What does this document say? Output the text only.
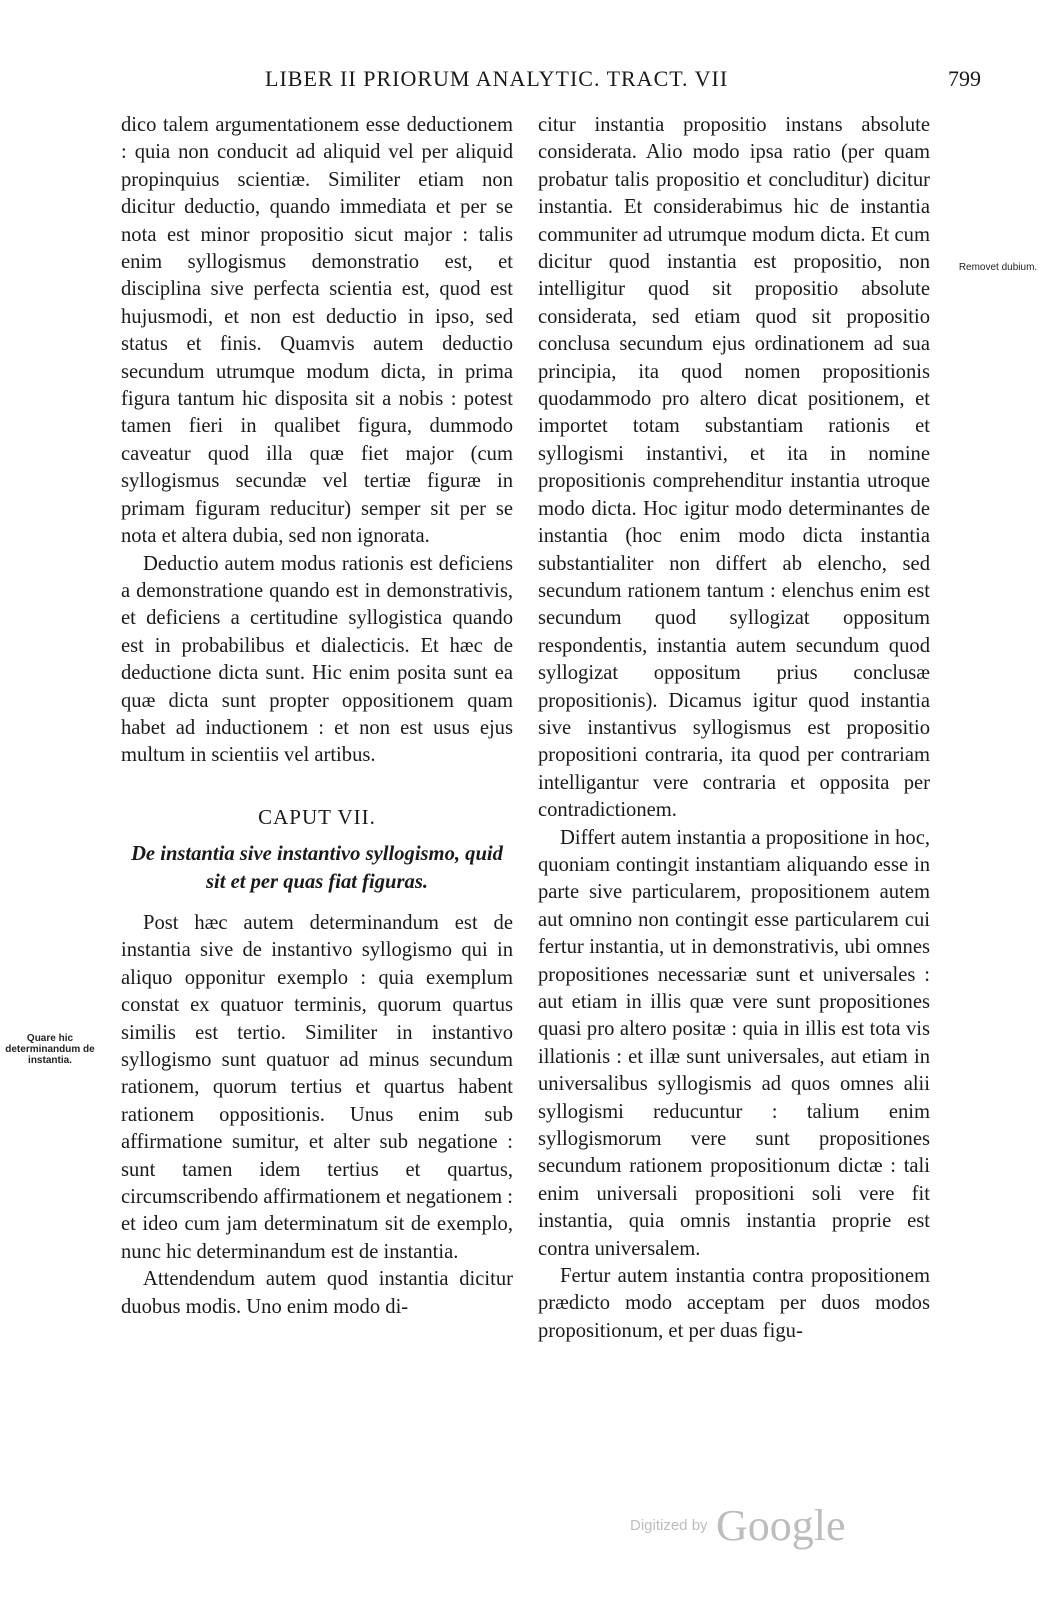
LIBER II PRIORUM ANALYTIC. TRACT. VII	799

dico talem argumentationem esse deductionem : quia non conducit ad aliquid vel per aliquid propinquius scientiæ. Similiter etiam non dicitur deductio, quando immediata et per se nota est minor propositio sicut major : talis enim syllogismus demonstratio est, et disciplina sive perfecta scientia est, quod est hujusmodi, et non est deductio in ipso, sed status et finis. Quamvis autem deductio secundum utrumque modum dicta, in prima figura tantum hic disposita sit a nobis : potest tamen fieri in qualibet figura, dummodo caveatur quod illa quæ fiet major (cum syllogismus secundæ vel tertiæ figuræ in primam figuram reducitur) semper sit per se nota et altera dubia, sed non ignorata.

Deductio autem modus rationis est deficiens a demonstratione quando est in demonstrativis, et deficiens a certitudine syllogistica quando est in probabilibus et dialecticis. Et hæc de deductione dicta sunt. Hic enim posita sunt ea quæ dicta sunt propter oppositionem quam habet ad inductionem : et non est usus ejus multum in scientiis vel artibus.

CAPUT VII.
De instantia sive instantivo syllogismo, quid sit et per quas fiat figuras.

Post hæc autem determinandum est de instantia sive de instantivo syllogismo qui in aliquo opponitur exemplo : quia exemplum constat ex quatuor terminis, quorum quartus similis est tertio. Similiter in instantivo syllogismo sunt quatuor ad minus secundum rationem, quorum tertius et quartus habent rationem oppositionis. Unus enim sub affirmatione sumitur, et alter sub negatione : sunt tamen idem tertius et quartus, circumscribendo affirmationem et negationem : et ideo cum jam determinatum sit de exemplo, nunc hic determinandum est de instantia.

Attendendum autem quod instantia dicitur duobus modis. Uno enim modo di-

citur instantia propositio instans absolute considerata. Alio modo ipsa ratio (per quam probatur talis propositio et concluditur) dicitur instantia. Et considerabimus hic de instantia communiter ad utrumque modum dicta. Et cum dicitur quod instantia est propositio, non intelligitur quod sit propositio absolute considerata, sed etiam quod sit propositio conclusa secundum ejus ordinationem ad sua principia, ita quod nomen propositionis quodammodo pro altero dicat positionem, et importet totam substantiam rationis et syllogismi instantivi, et ita in nomine propositionis comprehenditur instantia utroque modo dicta. Hoc igitur modo determinantes de instantia (hoc enim modo dicta instantia substantialiter non differt ab elencho, sed secundum rationem tantum : elenchus enim est secundum quod syllogizat oppositum respondentis, instantia autem secundum quod syllogizat oppositum prius conclusæ propositionis). Dicamus igitur quod instantia sive instantivus syllogismus est propositio propositioni contraria, ita quod per contrariam intelligantur vere contraria et opposita per contradictionem.

Differt autem instantia a propositione in hoc, quoniam contingit instantiam aliquando esse in parte sive particularem, propositionem autem aut omnino non contingit esse particularem cui fertur instantia, ut in demonstrativis, ubi omnes propositiones necessariæ sunt et universales : aut etiam in illis quæ vere sunt propositiones quasi pro altero positæ : quia in illis est tota vis illationis : et illæ sunt universales, aut etiam in universalibus syllogismis ad quos omnes alii syllogismi reducuntur : talium enim syllogismorum vere sunt propositiones secundum rationem propositionum dictæ : tali enim universali propositioni soli vere fit instantia, quia omnis instantia proprie est contra universalem.

Fertur autem instantia contra propositionem prædicto modo acceptam per duos modos propositionum, et per duas figu-

Quare hic determinandum de instantia.
Removet dubium.
Digitized by Google
